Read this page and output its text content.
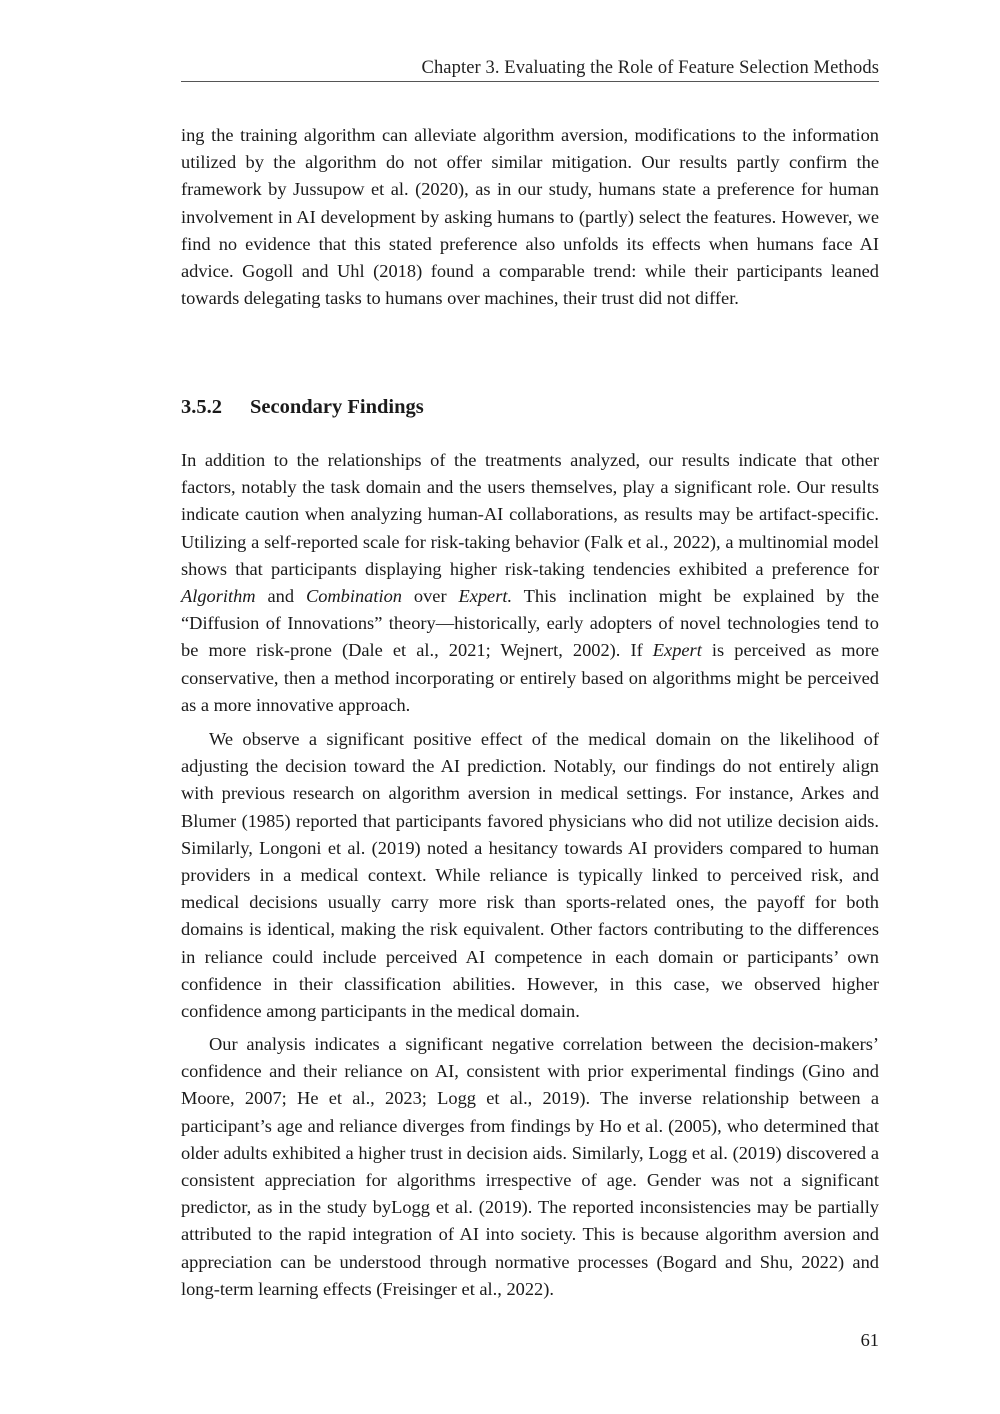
Chapter 3. Evaluating the Role of Feature Selection Methods

ing the training algorithm can alleviate algorithm aversion, modifications to the information utilized by the algorithm do not offer similar mitigation. Our results partly confirm the framework by Jussupow et al. (2020), as in our study, humans state a preference for human involvement in AI development by asking humans to (partly) select the features. However, we find no evidence that this stated preference also unfolds its effects when humans face AI advice. Gogoll and Uhl (2018) found a comparable trend: while their participants leaned towards delegating tasks to humans over machines, their trust did not differ.

3.5.2 Secondary Findings

In addition to the relationships of the treatments analyzed, our results indicate that other factors, notably the task domain and the users themselves, play a significant role. Our results indicate caution when analyzing human-AI collaborations, as results may be artifact-specific. Utilizing a self-reported scale for risk-taking behavior (Falk et al., 2022), a multinomial model shows that participants displaying higher risk-taking tendencies exhibited a preference for Algorithm and Combination over Expert. This inclination might be explained by the “Diffusion of Innovations” theory—historically, early adopters of novel technologies tend to be more risk-prone (Dale et al., 2021; Wejnert, 2002). If Expert is perceived as more conservative, then a method incorporating or entirely based on algorithms might be perceived as a more innovative approach.

We observe a significant positive effect of the medical domain on the likelihood of adjusting the decision toward the AI prediction. Notably, our findings do not entirely align with previous research on algorithm aversion in medical settings. For instance, Arkes and Blumer (1985) reported that participants favored physicians who did not utilize decision aids. Similarly, Longoni et al. (2019) noted a hesitancy towards AI providers compared to human providers in a medical context. While reliance is typically linked to perceived risk, and medical decisions usually carry more risk than sports-related ones, the payoff for both domains is identical, making the risk equivalent. Other factors contributing to the differences in reliance could include perceived AI competence in each domain or participants’ own confidence in their classification abilities. However, in this case, we observed higher confidence among participants in the medical domain.

Our analysis indicates a significant negative correlation between the decision-makers’ confidence and their reliance on AI, consistent with prior experimental findings (Gino and Moore, 2007; He et al., 2023; Logg et al., 2019). The inverse relationship between a participant’s age and reliance diverges from findings by Ho et al. (2005), who determined that older adults exhibited a higher trust in decision aids. Similarly, Logg et al. (2019) discovered a consistent appreciation for algorithms irrespective of age. Gender was not a significant predictor, as in the study byLogg et al. (2019). The reported inconsistencies may be partially attributed to the rapid integration of AI into society. This is because algorithm aversion and appreciation can be understood through normative processes (Bogard and Shu, 2022) and long-term learning effects (Freisinger et al., 2022).

61
